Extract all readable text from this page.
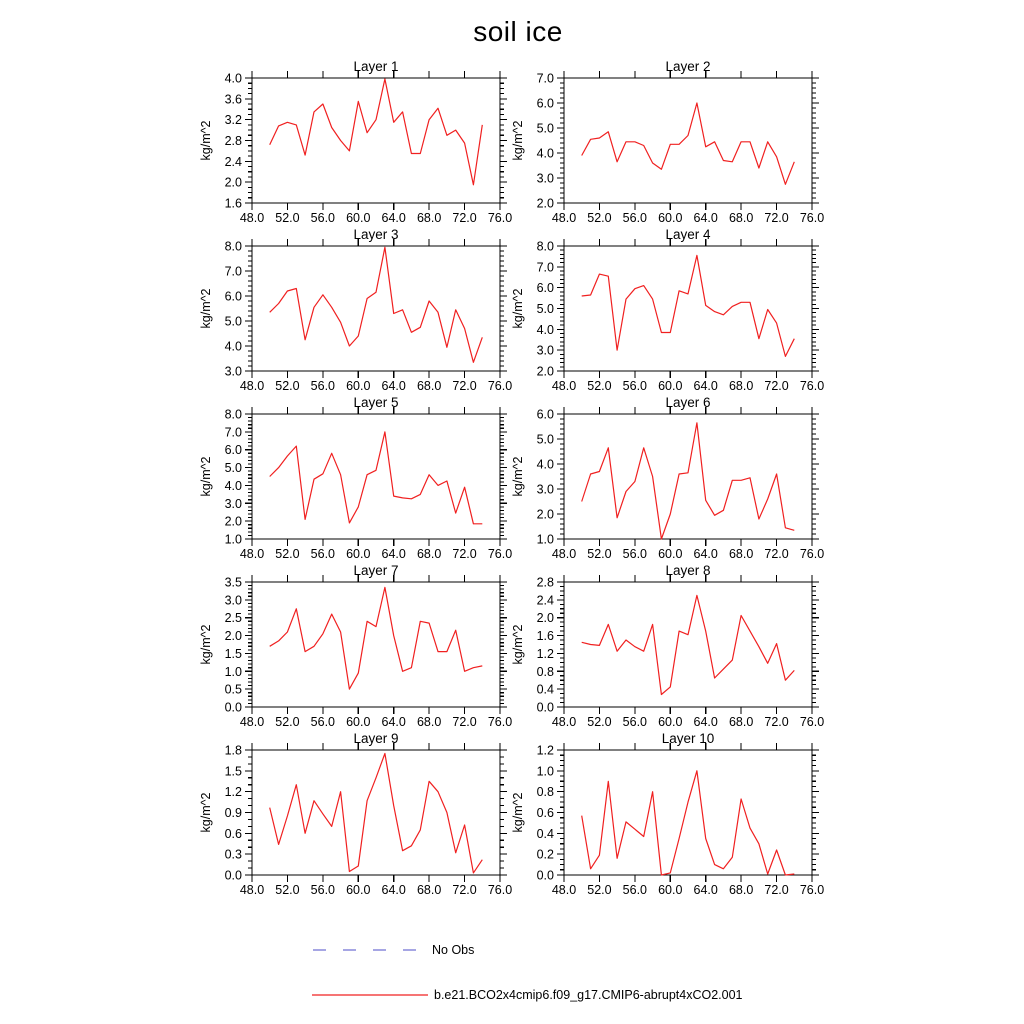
soil ice
48.0 52.0 56.0 60.0 64.0 68.0 72.0 76.0
1.6
2.0
2.4
2.8
3.2
3.6
4.0
Layer 1
kg/m^2
48.0 52.0 56.0 60.0 64.0 68.0 72.0 76.0
2.0
3.0
4.0
5.0
6.0
7.0
Layer 2
kg/m^2
48.0 52.0 56.0 60.0 64.0 68.0 72.0 76.0
3.0
4.0
5.0
6.0
7.0
8.0
Layer 3
kg/m^2
48.0 52.0 56.0 60.0 64.0 68.0 72.0 76.0
2.0
3.0
4.0
5.0
6.0
7.0
8.0
Layer 4
kg/m^2
48.0 52.0 56.0 60.0 64.0 68.0 72.0 76.0
1.0
2.0
3.0
4.0
5.0
6.0
7.0
8.0
Layer 5
kg/m^2
48.0 52.0 56.0 60.0 64.0 68.0 72.0 76.0
1.0
2.0
3.0
4.0
5.0
6.0
Layer 6
kg/m^2
48.0 52.0 56.0 60.0 64.0 68.0 72.0 76.0
0.0
0.5
1.0
1.5
2.0
2.5
3.0
3.5
Layer 7
kg/m^2
48.0 52.0 56.0 60.0 64.0 68.0 72.0 76.0
0.0
0.4
0.8
1.2
1.6
2.0
2.4
2.8
Layer 8
kg/m^2
48.0 52.0 56.0 60.0 64.0 68.0 72.0 76.0
0.0
0.3
0.6
0.9
1.2
1.5
1.8
Layer 9
kg/m^2
48.0 52.0 56.0 60.0 64.0 68.0 72.0 76.0
0.0
0.2
0.4
0.6
0.8
1.0
1.2
Layer 10
kg/m^2
No Obs
b.e21.BCO2x4cmip6.f09_g17.CMIP6-abrupt4xCO2.001
